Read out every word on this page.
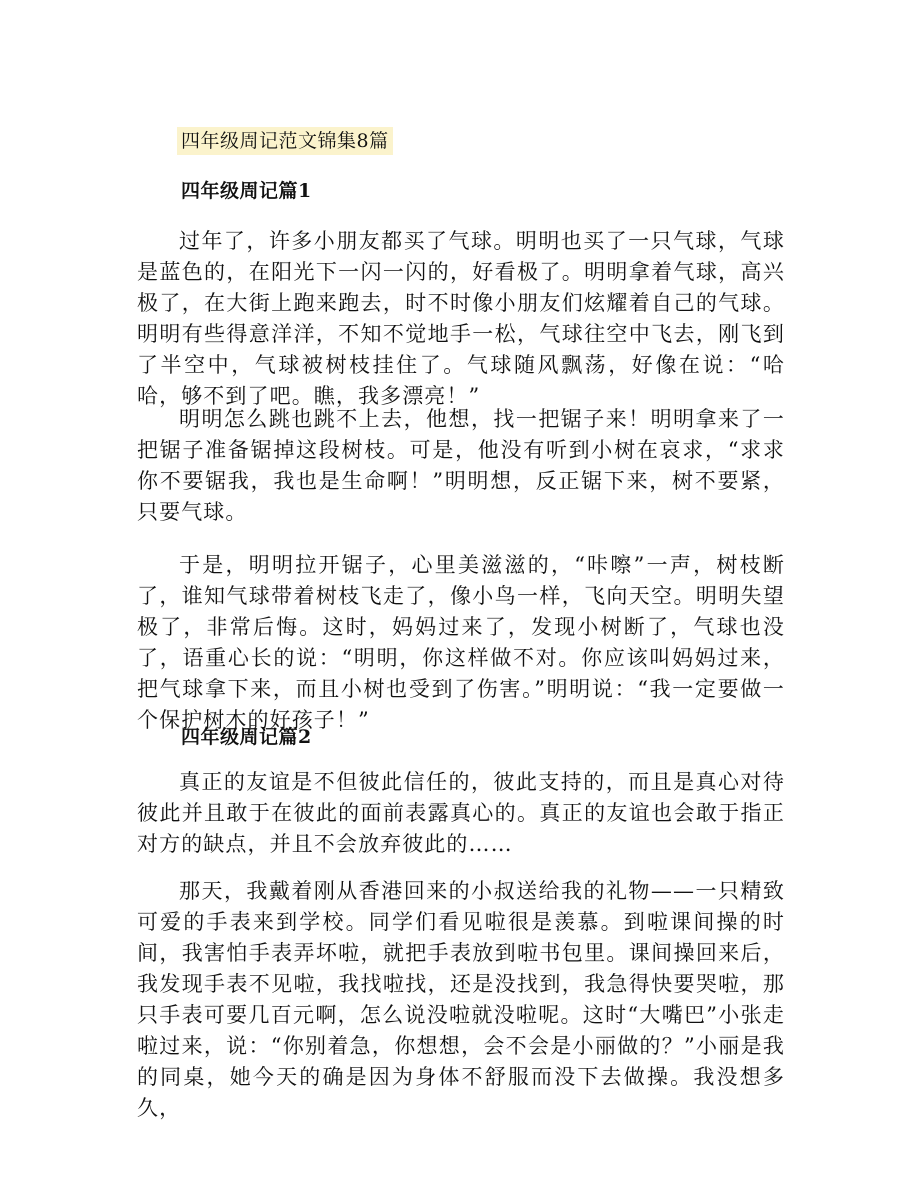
四年级周记范文锦集8篇
四年级周记篇1

过年了，许多小朋友都买了气球。明明也买了一只气球，气球是蓝色的，在阳光下一闪一闪的，好看极了。明明拿着气球，高兴极了，在大街上跑来跑去，时不时像小朋友们炫耀着自己的气球。明明有些得意洋洋，不知不觉地手一松，气球往空中飞去，刚飞到了半空中，气球被树枝挂住了。气球随风飘荡，好像在说：“哈哈，够不到了吧。瞧，我多漂亮！”

明明怎么跳也跳不上去，他想，找一把锯子来！明明拿来了一把锯子准备锯掉这段树枝。可是，他没有听到小树在哀求，“求求你不要锯我，我也是生命啊！”明明想，反正锯下来，树不要紧，只要气球。

于是，明明拉开锯子，心里美滋滋的，“咔嚓”一声，树枝断了，谁知气球带着树枝飞走了，像小鸟一样，飞向天空。明明失望极了，非常后悔。这时，妈妈过来了，发现小树断了，气球也没了，语重心长的说：“明明，你这样做不对。你应该叫妈妈过来，把气球拿下来，而且小树也受到了伤害。”明明说：“我一定要做一个保护树木的好孩子！”

四年级周记篇2

真正的友谊是不但彼此信任的，彼此支持的，而且是真心对待彼此并且敢于在彼此的面前表露真心的。真正的友谊也会敢于指正对方的缺点，并且不会放弃彼此的……

那天，我戴着刚从香港回来的小叔送给我的礼物——一只精致可爱的手表来到学校。同学们看见啦很是羡慕。到啦课间操的时间，我害怕手表弄坏啦，就把手表放到啦书包里。课间操回来后，我发现手表不见啦，我找啦找，还是没找到，我急得快要哭啦，那只手表可要几百元啊，怎么说没啦就没啦呢。这时“大嘴巴”小张走啦过来，说：“你别着急，你想想，会不会是小丽做的？”小丽是我的同桌，她今天的确是因为身体不舒服而没下去做操。我没想多久，
